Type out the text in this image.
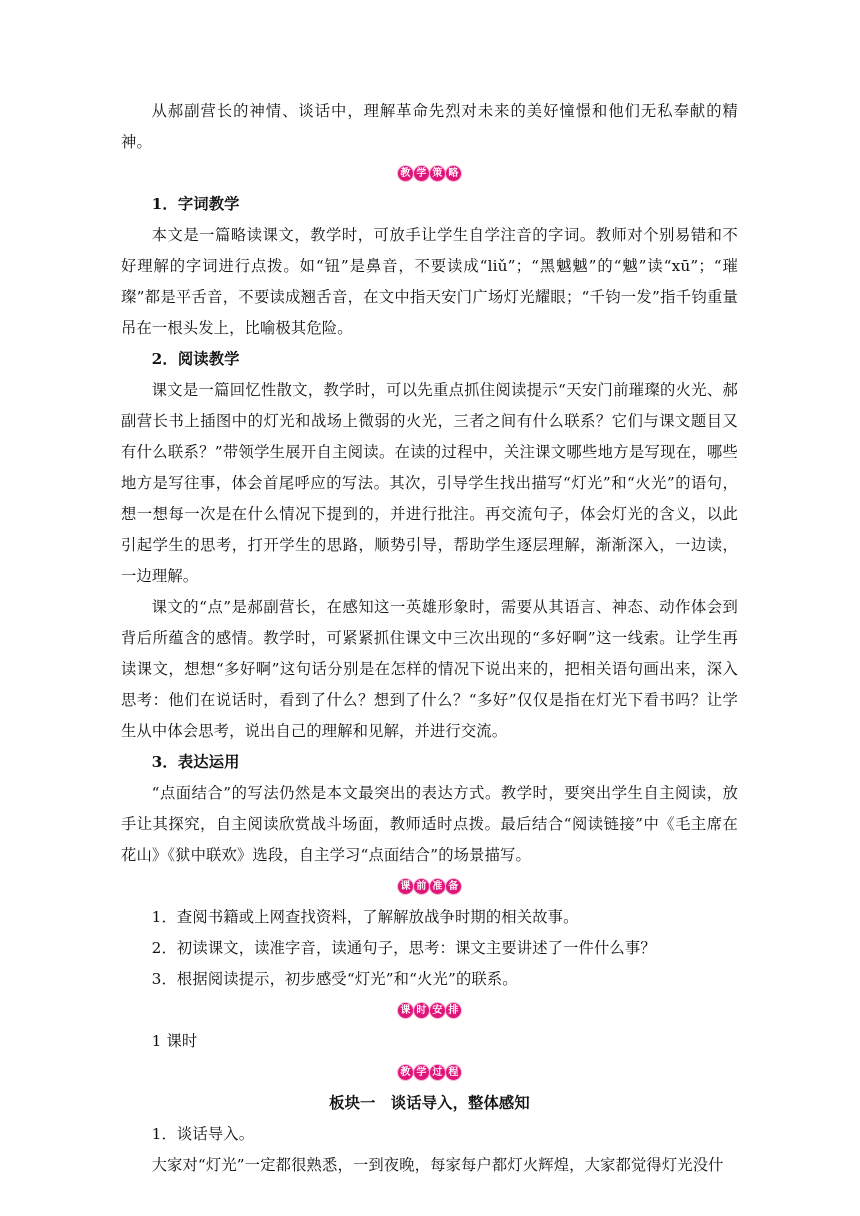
从郝副营长的神情、谈话中，理解革命先烈对未来的美好憧憬和他们无私奉献的精神。

教 学 策 略

1．字词教学

本文是一篇略读课文，教学时，可放手让学生自学注音的字词。教师对个别易错和不好理解的字词进行点拨。如“钮”是鼻音，不要读成“liǔ”；“黑魆魆”的“魆”读“xū”；“璀璨”都是平舌音，不要读成翘舌音，在文中指天安门广场灯光耀眼；“千钧一发”指千钧重量吊在一根头发上，比喻极其危险。

2．阅读教学

课文是一篇回忆性散文，教学时，可以先重点抓住阅读提示“天安门前璀璨的火光、郝副营长书上插图中的灯光和战场上微弱的火光，三者之间有什么联系？它们与课文题目又有什么联系？”带领学生展开自主阅读。在读的过程中，关注课文哪些地方是写现在，哪些地方是写往事，体会首尾呼应的写法。其次，引导学生找出描写“灯光”和“火光”的语句，想一想每一次是在什么情况下提到的，并进行批注。再交流句子，体会灯光的含义，以此引起学生的思考，打开学生的思路，顺势引导，帮助学生逐层理解，渐渐深入，一边读，一边理解。

课文的“点”是郝副营长，在感知这一英雄形象时，需要从其语言、神态、动作体会到背后所蕴含的感情。教学时，可紧紧抓住课文中三次出现的“多好啊”这一线索。让学生再读课文，想想“多好啊”这句话分别是在怎样的情况下说出来的，把相关语句画出来，深入思考：他们在说话时，看到了什么？想到了什么？“多好”仅仅是指在灯光下看书吗？让学生从中体会思考，说出自己的理解和见解，并进行交流。

3．表达运用

“点面结合”的写法仍然是本文最突出的表达方式。教学时，要突出学生自主阅读，放手让其探究，自主阅读欣赏战斗场面，教师适时点拨。最后结合“阅读链接”中《毛主席在花山》《狱中联欢》选段，自主学习“点面结合”的场景描写。

课 前 准 备

1．查阅书籍或上网查找资料，了解解放战争时期的相关故事。

2．初读课文，读准字音，读通句子，思考：课文主要讲述了一件什么事？

3．根据阅读提示，初步感受“灯光”和“火光”的联系。

课 时 安 排

1 课时

教 学 过 程

板块一 谈话导入，整体感知

1．谈话导入。

大家对“灯光”一定都很熟悉，一到夜晚，每家每户都灯火辉煌，大家都觉得灯光没什
